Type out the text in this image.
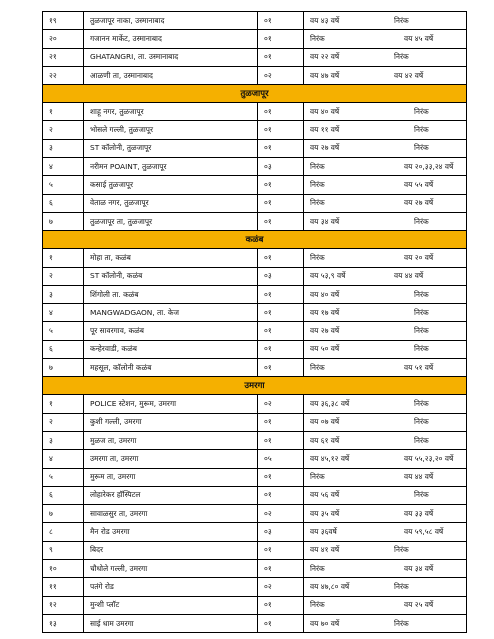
१९	तुळजापूर नाका, उस्मानाबाद	०१	वय ४३ वर्षे	निरंक
२०	गजानन मार्केट, उस्मानाबाद	०१	निरंक	वय ४५ वर्षे
२१	GHATANGRI, ता. उस्मानाबाद	०१	वय २२ वर्षे	निरंक
२२	आळणी ता, उस्मानाबाद	०२	वय ४७ वर्षे	वय ४२ वर्षे
तुळजापूर
१	शाहू नगर, तुळजापूर	०१	वय ४० वर्षे	निरंक
२	भोसले गल्ली, तुळजापूर	०१	वय ११ वर्षे	निरंक
३	ST कॉलोनी, तुळजापूर	०१	वय २७ वर्षे	निरंक
४	नरीमन POAINT, तुळजापूर	०३	निरंक	वय २०,३३,२४ वर्षे
५	कसाई तुळजापूर	०१	निरंक	वय ५५ वर्षे
६	वेताळ नगर, तुळजापूर	०१	निरंक	वय २७ वर्षे
७	तुळजापूर ता, तुळजापूर	०१	वय ३४ वर्षे	निरंक
कळंब
१	मोहा ता, कळंब	०१	निरंक	वय २० वर्षे
२	ST कॉलोनी, कळंब	०३	वय ५३,९ वर्षे	वय ४४ वर्षे
३	शिंगोली ता. कळंब	०१	वय ४० वर्षे	निरंक
४	MANGWADGAON, ता. केज	०१	वय १७ वर्षे	निरंक
५	पूर सावरगाव, कळंब	०१	वय २७ वर्षे	निरंक
६	कन्हेरवाडी, कळंब	०१	वय ५० वर्षे	निरंक
७	महसूल, कॉलोनी कळंब	०१	निरंक	वय ५१ वर्षे
उमरगा
१	POLICE स्टेशन, मुरूम, उमरगा	०२	वय ३६,३८ वर्षे	निरंक
२	कुशी गल्ली, उमरगा	०१	वय ०७ वर्षे	निरंक
३	मुळज ता, उमरगा	०१	वय ६१ वर्षे	निरंक
४	उमरगा ता, उमरगा	०५	वय ४५,१२ वर्षे	वय ५५,२३,२० वर्षे
५	मुरूम ता, उमरगा	०१	निरंक	वय ४४ वर्षे
६	लोहारेकर हॉस्पिटल	०१	वय ५६ वर्षे	निरंक
७	सावाळसुर ता, उमरगा	०२	वय ३५ वर्षे	वय ३३ वर्षे
८	मैन रोड उमरगा	०३	वय ३६वर्षे	वय ५९,५८ वर्षे
९	बिदर	०१	वय ४१ वर्षे	निरंक
१०	चौधोले गल्ली, उमरगा	०१	निरंक	वय ३४ वर्षे
११	पतंगे रोड	०२	वय ४७,८० वर्षे	निरंक
१२	मुन्शी प्लॉट	०१	निरंक	वय २५ वर्षे
१३	साई धाम उमरगा	०१	वय ७० वर्षे	निरंक
